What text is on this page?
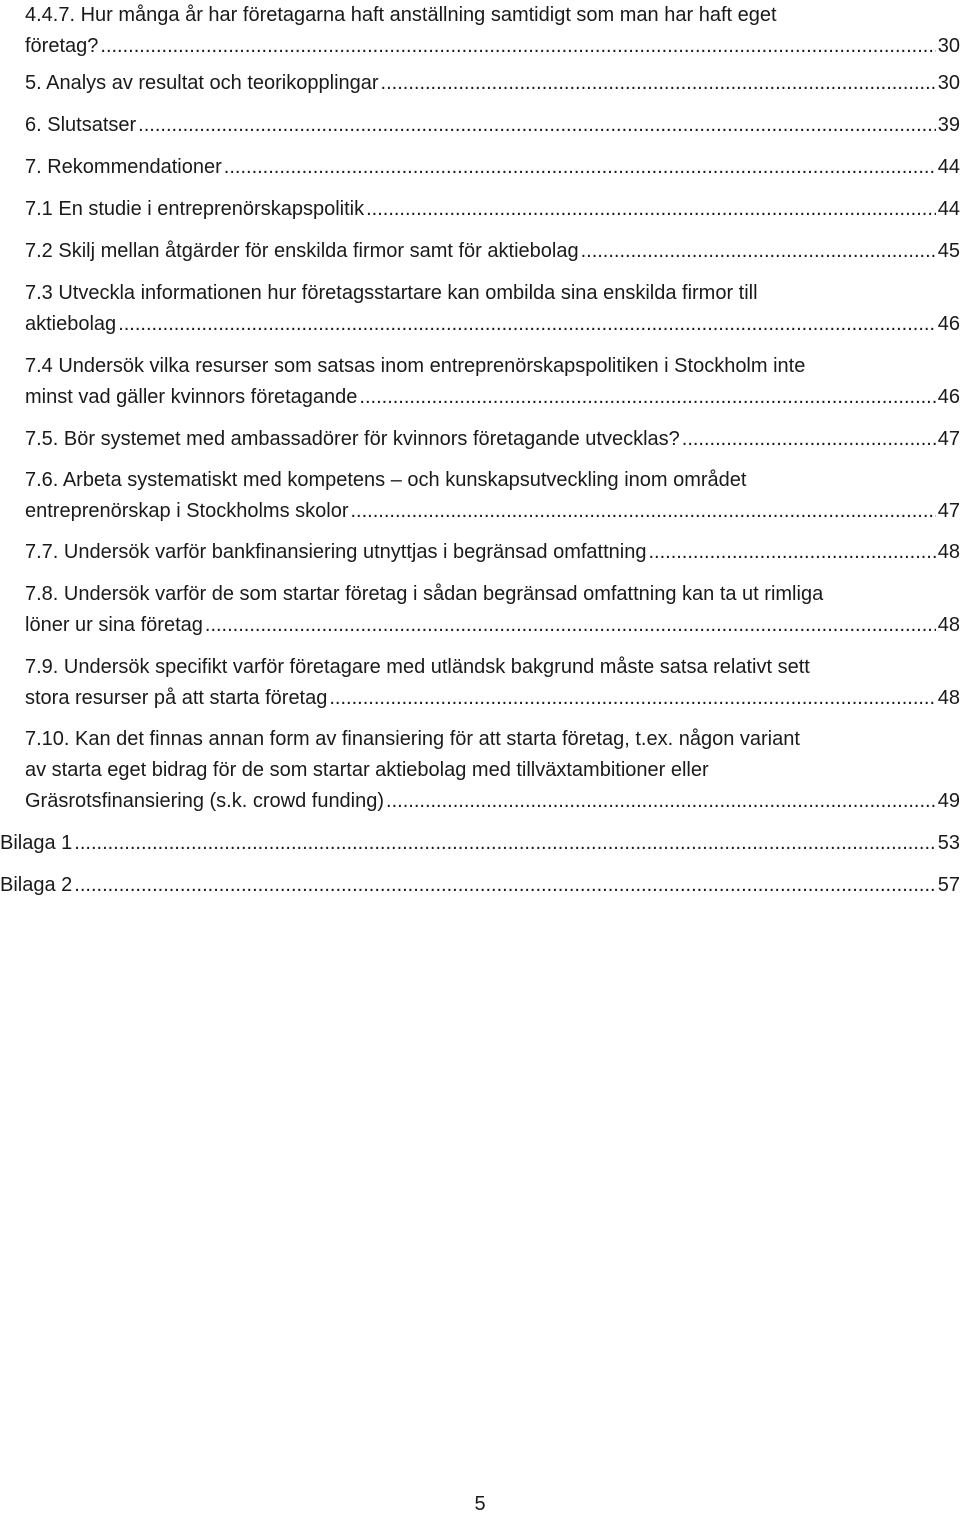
4.4.7. Hur många år har företagarna haft anställning samtidigt som man har haft eget
företag? .....	30
5. Analys av resultat och teorikopplingar .....	30
6. Slutsatser .....	39
7. Rekommendationer .....	44
7.1 En studie i entreprenörskapspolitik .....	44
7.2 Skilj mellan åtgärder för enskilda firmor samt för aktiebolag .....	45
7.3 Utveckla informationen hur företagsstartare kan ombilda sina enskilda firmor till
aktiebolag .....	46
7.4 Undersök vilka resurser som satsas inom entreprenörskapspolitiken i Stockholm inte
minst vad gäller kvinnors företagande .....	46
7.5. Bör systemet med ambassadörer för kvinnors företagande utvecklas? .....	47
7.6. Arbeta systematiskt med kompetens – och kunskapsutveckling inom området
entreprenörskap i Stockholms skolor .....	47
7.7. Undersök varför bankfinansiering utnyttjas i begränsad omfattning .....	48
7.8. Undersök varför de som startar företag i sådan begränsad omfattning kan ta ut rimliga
löner ur sina företag .....	48
7.9. Undersök specifikt varför företagare med utländsk bakgrund måste satsa relativt sett
stora resurser på att starta företag .....	48
7.10. Kan det finnas annan form av finansiering för att starta företag, t.ex. någon variant
av starta eget bidrag för de som startar aktiebolag med tillväxtambitioner eller
Gräsrotsfinansiering (s.k. crowd funding) .....	49
Bilaga 1 .....	53
Bilaga 2 .....	57
5
